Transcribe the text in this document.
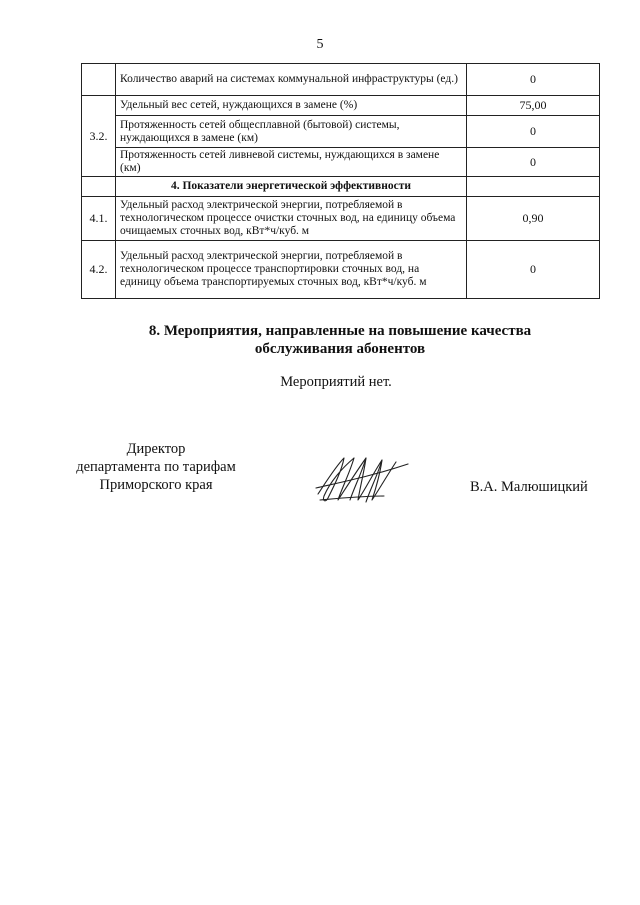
5
	Количество аварий на системах коммунальной инфраструктуры (ед.)	0
3.2.	Удельный вес сетей, нуждающихся в замене (%)	75,00
	Протяженность сетей общесплавной (бытовой) системы, нуждающихся в замене (км)	0
	Протяженность сетей ливневой системы, нуждающихся в замене (км)	0
	4. Показатели энергетической эффективности	
4.1.	Удельный расход электрической энергии, потребляемой в технологическом процессе очистки сточных вод, на единицу объема очищаемых сточных вод, кВт*ч/куб. м	0,90
4.2.	Удельный расход электрической энергии, потребляемой в технологическом процессе транспортировки сточных вод, на единицу объема транспортируемых сточных вод, кВт*ч/куб. м	0
8. Мероприятия, направленные на повышение качества
обслуживания абонентов
Мероприятий нет.
Директор
департамента по тарифам
Приморского края	В.А. Малюшицкий
